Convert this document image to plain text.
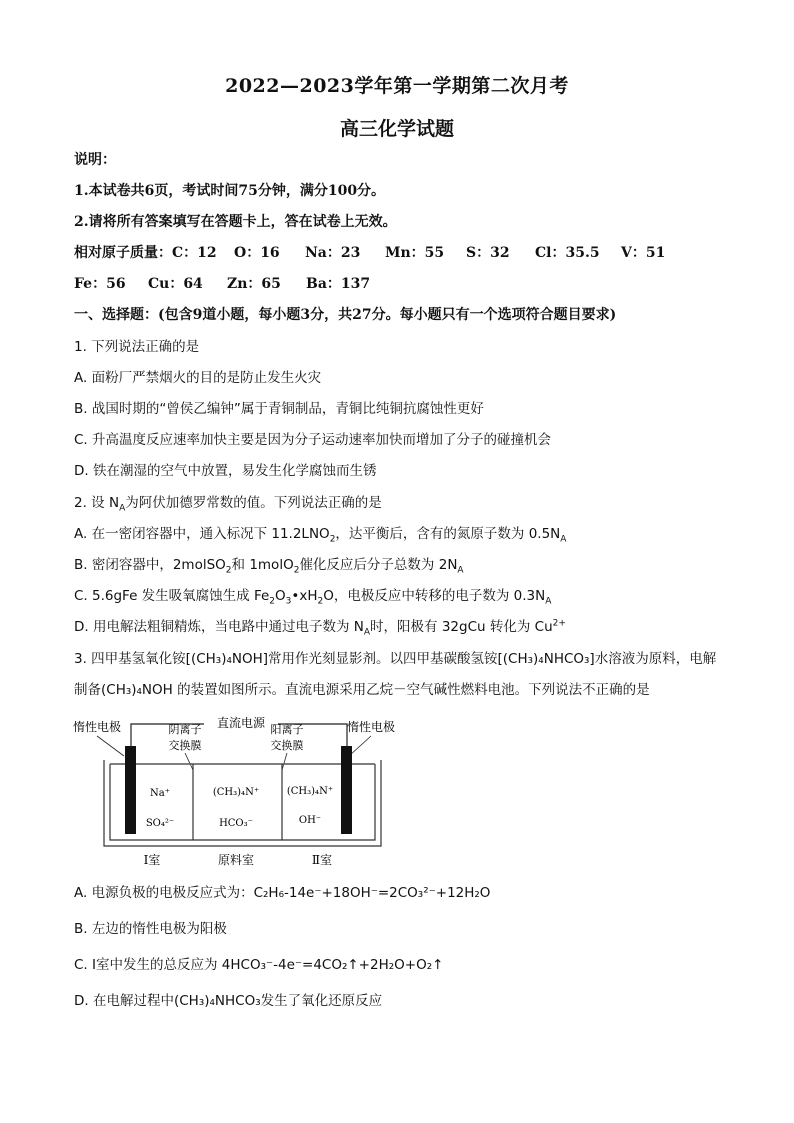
2022—2023学年第一学期第二次月考
高三化学试题
说明：
1.本试卷共6页，考试时间75分钟，满分100分。
2.请将所有答案填写在答题卡上，答在试卷上无效。
相对原子质量：C：12 O：16 Na：23 Mn：55 S：32 Cl：35.5 V：51
Fe：56 Cu：64 Zn：65 Ba：137
一、选择题：(包含9道小题，每小题3分，共27分。每小题只有一个选项符合题目要求)
1. 下列说法正确的是
A. 面粉厂严禁烟火的目的是防止发生火灾
B. 战国时期的“曾侯乙编钟”属于青铜制品，青铜比纯铜抗腐蚀性更好
C. 升高温度反应速率加快主要是因为分子运动速率加快而增加了分子的碰撞机会
D. 铁在潮湿的空气中放置，易发生化学腐蚀而生锈
2. 设 $N_A$为阿伏加德罗常数的值。下列说法正确的是
A. 在一密闭容器中，通入标况下 $11.2LNO_2$，达平衡后，含有的氮原子数为 $0.5N_A$
B. 密闭容器中，2molSO$_2$和 1molO$_2$催化反应后分子总数为 $2N_A$
C. 5.6gFe 发生吸氧腐蚀生成 $Fe_2O_3•xH_2O$，电极反应中转移的电子数为 $0.3N_A$
D. 用电解法粗铜精炼，当电路中通过电子数为 $N_A$时，阳极有 32gCu 转化为 $Cu^{2+}$
3. 四甲基氢氧化铵[(CH₃)₄NOH]常用作光刻显影剂。以四甲基碳酸氢铵[(CH₃)₄NHCO₃]水溶液为原料，电解
制备(CH₃)₄NOH 的装置如图所示。直流电源采用乙烷－空气碱性燃料电池。下列说法不正确的是
直流电源
惰性电极	惰性电极
阴离子
交换膜
阳离子
交换膜
Na⁺
SO₄²⁻
(CH₃)₄N⁺
HCO₃⁻
(CH₃)₄N⁺
OH⁻
Ⅰ室	原料室	Ⅱ室
A. 电源负极的电极反应式为：C₂H₆-14e⁻+18OH⁻=2CO₃²⁻+12H₂O
B. 左边的惰性电极为阳极
C. Ⅰ室中发生的总反应为 4HCO₃⁻-4e⁻=4CO₂↑+2H₂O+O₂↑
D. 在电解过程中(CH₃)₄NHCO₃发生了氧化还原反应
